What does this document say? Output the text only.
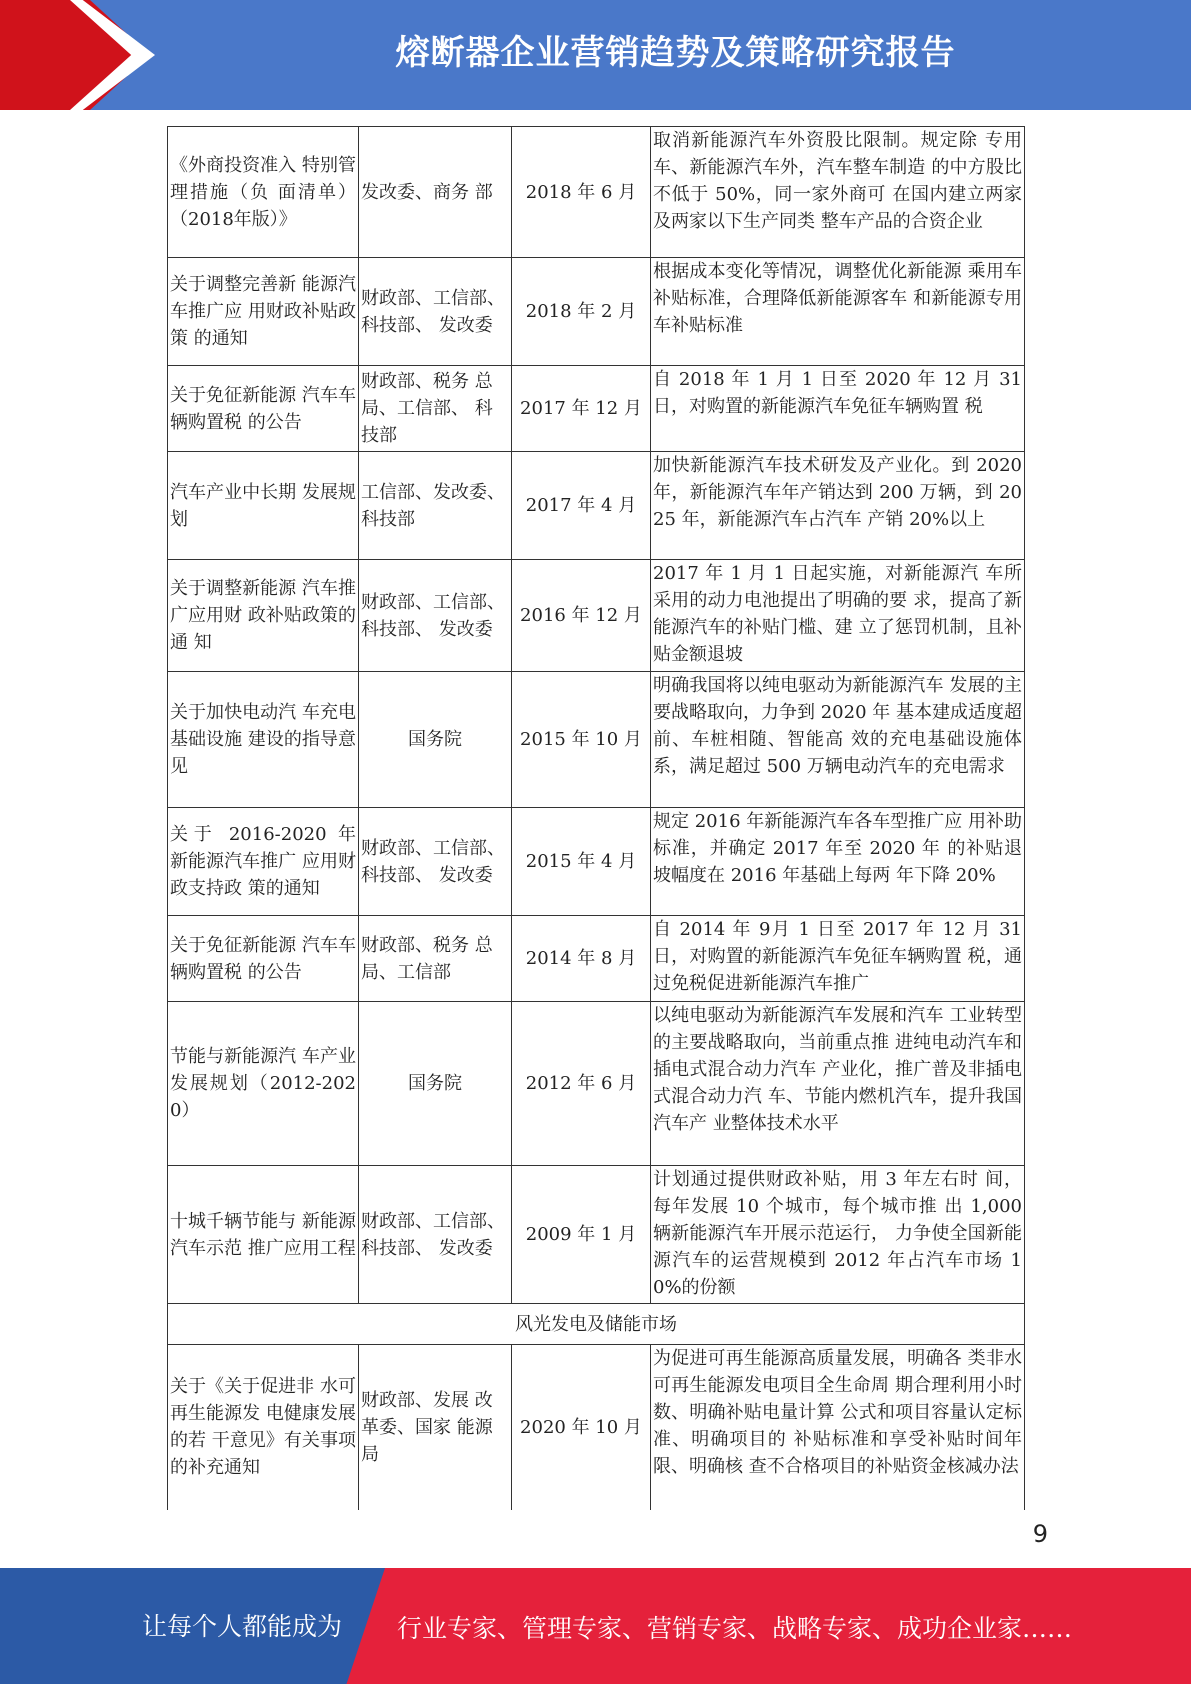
熔断器企业营销趋势及策略研究报告
《外商投资准入 特别管理措施（负 面清单）（2018年版）》	发改委、商务 部	2018 年 6 月	取消新能源汽车外资股比限制。规定除 专用车、新能源汽车外，汽车整车制造 的中方股比不低于 50%，同一家外商可 在国内建立两家及两家以下生产同类 整车产品的合资企业
关于调整完善新 能源汽车推广应 用财政补贴政策 的通知	财政部、工信部、科技部、 发改委	2018 年 2 月	根据成本变化等情况，调整优化新能源 乘用车补贴标准，合理降低新能源客车 和新能源专用车补贴标准
关于免征新能源 汽车车辆购置税 的公告	财政部、税务 总局、工信部、 科技部	2017 年 12 月	自 2018 年 1 月 1 日至 2020 年 12 月 31 日，对购置的新能源汽车免征车辆购置 税
汽车产业中长期 发展规划	工信部、发改委、科技部	2017 年 4 月	加快新能源汽车技术研发及产业化。到 2020 年，新能源汽车年产销达到 200 万辆，到 2025 年，新能源汽车占汽车 产销 20%以上
关于调整新能源 汽车推广应用财 政补贴政策的通 知	财政部、工信部、科技部、 发改委	2016 年 12 月	2017 年 1 月 1 日起实施，对新能源汽 车所采用的动力电池提出了明确的要 求，提高了新能源汽车的补贴门槛、建 立了惩罚机制，且补贴金额退坡
关于加快电动汽 车充电基础设施 建设的指导意见	国务院	2015 年 10 月	明确我国将以纯电驱动为新能源汽车 发展的主要战略取向，力争到 2020 年 基本建成适度超前、车桩相随、智能高 效的充电基础设施体系，满足超过 500 万辆电动汽车的充电需求
关于 2016-2020 年 新能源汽车推广 应用财政支持政 策的通知	财政部、工信部、科技部、 发改委	2015 年 4 月	规定 2016 年新能源汽车各车型推广应 用补助标准，并确定 2017 年至 2020 年 的补贴退坡幅度在 2016 年基础上每两 年下降 20%
关于免征新能源 汽车车辆购置税 的公告	财政部、税务 总局、工信部	2014 年 8 月	自 2014 年 9月 1 日至 2017 年 12 月 31 日，对购置的新能源汽车免征车辆购置 税，通过免税促进新能源汽车推广
节能与新能源汽 车产业发展规划（2012-2020）	国务院	2012 年 6 月	以纯电驱动为新能源汽车发展和汽车 工业转型的主要战略取向，当前重点推 进纯电动汽车和插电式混合动力汽车 产业化，推广普及非插电式混合动力汽 车、节能内燃机汽车，提升我国汽车产 业整体技术水平
十城千辆节能与 新能源汽车示范 推广应用工程	财政部、工信部、科技部、 发改委	2009 年 1 月	计划通过提供财政补贴，用 3 年左右时 间，每年发展 10 个城市，每个城市推 出 1,000 辆新能源汽车开展示范运行， 力争使全国新能源汽车的运营规模到 2012 年占汽车市场 10%的份额
风光发电及储能市场			
关于《关于促进非 水可再生能源发 电健康发展的若 干意见》有关事项 的补充通知	财政部、发展 改革委、国家 能源局	2020 年 10 月	为促进可再生能源高质量发展，明确各 类非水可再生能源发电项目全生命周 期合理利用小时数、明确补贴电量计算 公式和项目容量认定标准、明确项目的 补贴标准和享受补贴时间年限、明确核 查不合格项目的补贴资金核减办法
9
让每个人都能成为 行业专家、管理专家、营销专家、战略专家、成功企业家……
